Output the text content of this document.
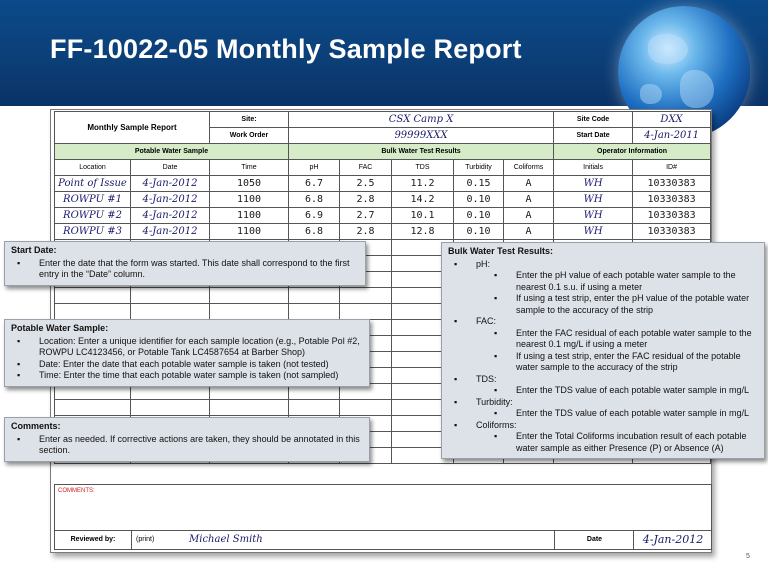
FF-10022-05 Monthly Sample Report
Monthly Sample Report		Site:	CSX Camp X					Site Code	DXX
		Work Order	99999XXX					Start Date	4-Jan-2011
Potable Water Sample			Bulk Water Test Results					Operator Information	
Location	Date	Time	pH	FAC	TDS	Turbidity	Coliforms	Initials	ID#
Point of Issue	4-Jan-2012	1050	6.7	2.5	11.2	0.15	A	WH	10330383
ROWPU #1	4-Jan-2012	1100	6.8	2.8	14.2	0.10	A	WH	10330383
ROWPU #2	4-Jan-2012	1100	6.9	2.7	10.1	0.10	A	WH	10330383
ROWPU #3	4-Jan-2012	1100	6.8	2.8	12.8	0.10	A	WH	10330383

COMMENTS:
Reviewed by:	(print)	Michael Smith	Date	4-Jan-2012
Start Date:
▪ Enter the date that the form was started. This date shall correspond to the first entry in the “Date” column.
Potable Water Sample:
▪ Location: Enter a unique identifier for each sample location (e.g., Potable Pol #2, ROWPU LC4123456, or Potable Tank LC4587654 at Barber Shop)
▪ Date: Enter the date that each potable water sample is taken (not tested)
▪ Time: Enter the time that each potable water sample is taken (not sampled)
Comments:
▪ Enter as needed. If corrective actions are taken, they should be annotated in this section.
Bulk Water Test Results:
▪ pH:
▪ Enter the pH value of each potable water sample to the nearest 0.1 s.u. if using a meter
▪ If using a test strip, enter the pH value of the potable water sample to the accuracy of the strip
▪ FAC:
▪ Enter the FAC residual of each potable water sample to the nearest 0.1 mg/L if using a meter
▪ If using a test strip, enter the FAC residual of the potable water sample to the accuracy of the strip
▪ TDS:
▪ Enter the TDS value of each potable water sample in mg/L
▪ Turbidity:
▪ Enter the TDS value of each potable water sample in mg/L
▪ Coliforms:
▪ Enter the Total Coliforms incubation result of each potable water sample as either Presence (P) or Absence (A)
5
